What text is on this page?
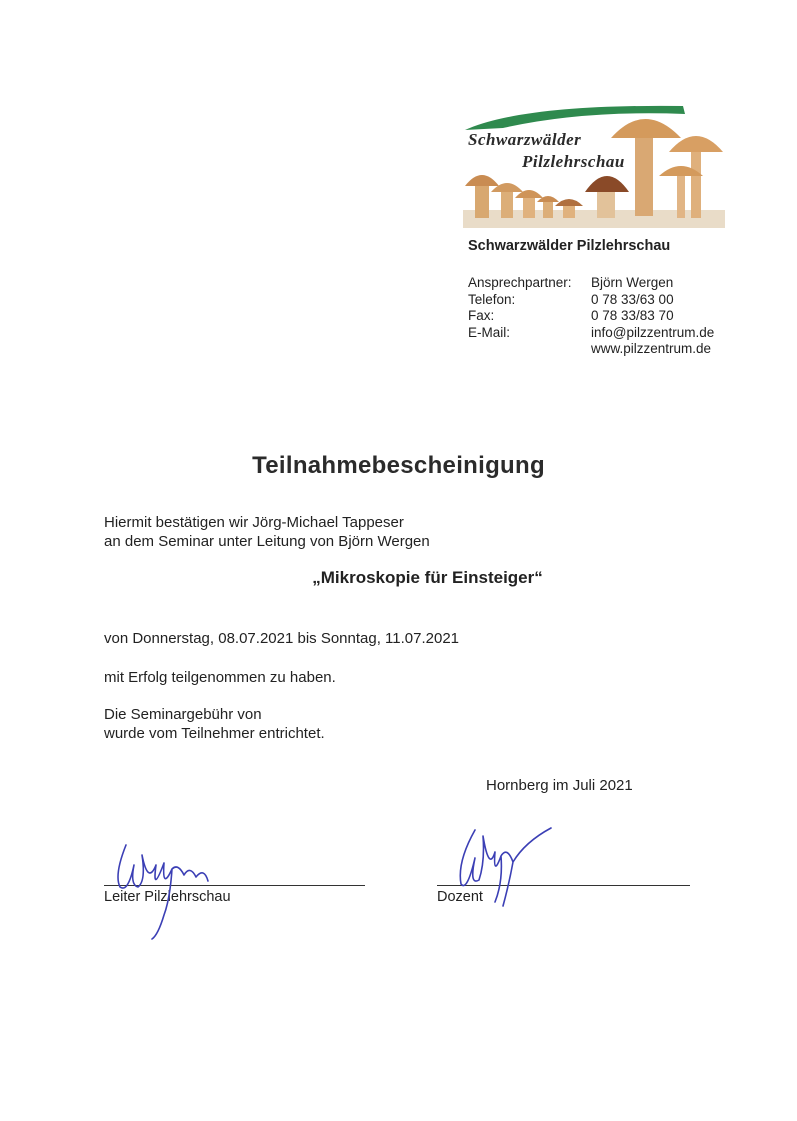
Schwarzwälder
Pilzlehrschau
Schwarzwälder Pilzlehrschau
Ansprechpartner:
Telefon:
Fax:
E-Mail:
Björn Wergen
0 78 33/63 00
0 78 33/83 70
info@pilzzentrum.de
www.pilzzentrum.de
Teilnahmebescheinigung
Hiermit bestätigen wir Jörg-Michael Tappeser
an dem Seminar unter Leitung von Björn Wergen
„Mikroskopie für Einsteiger“
von Donnerstag, 08.07.2021 bis Sonntag, 11.07.2021
mit Erfolg teilgenommen zu haben.
Die Seminargebühr von
wurde vom Teilnehmer entrichtet.
Hornberg im Juli 2021
Leiter Pilzlehrschau	Dozent
